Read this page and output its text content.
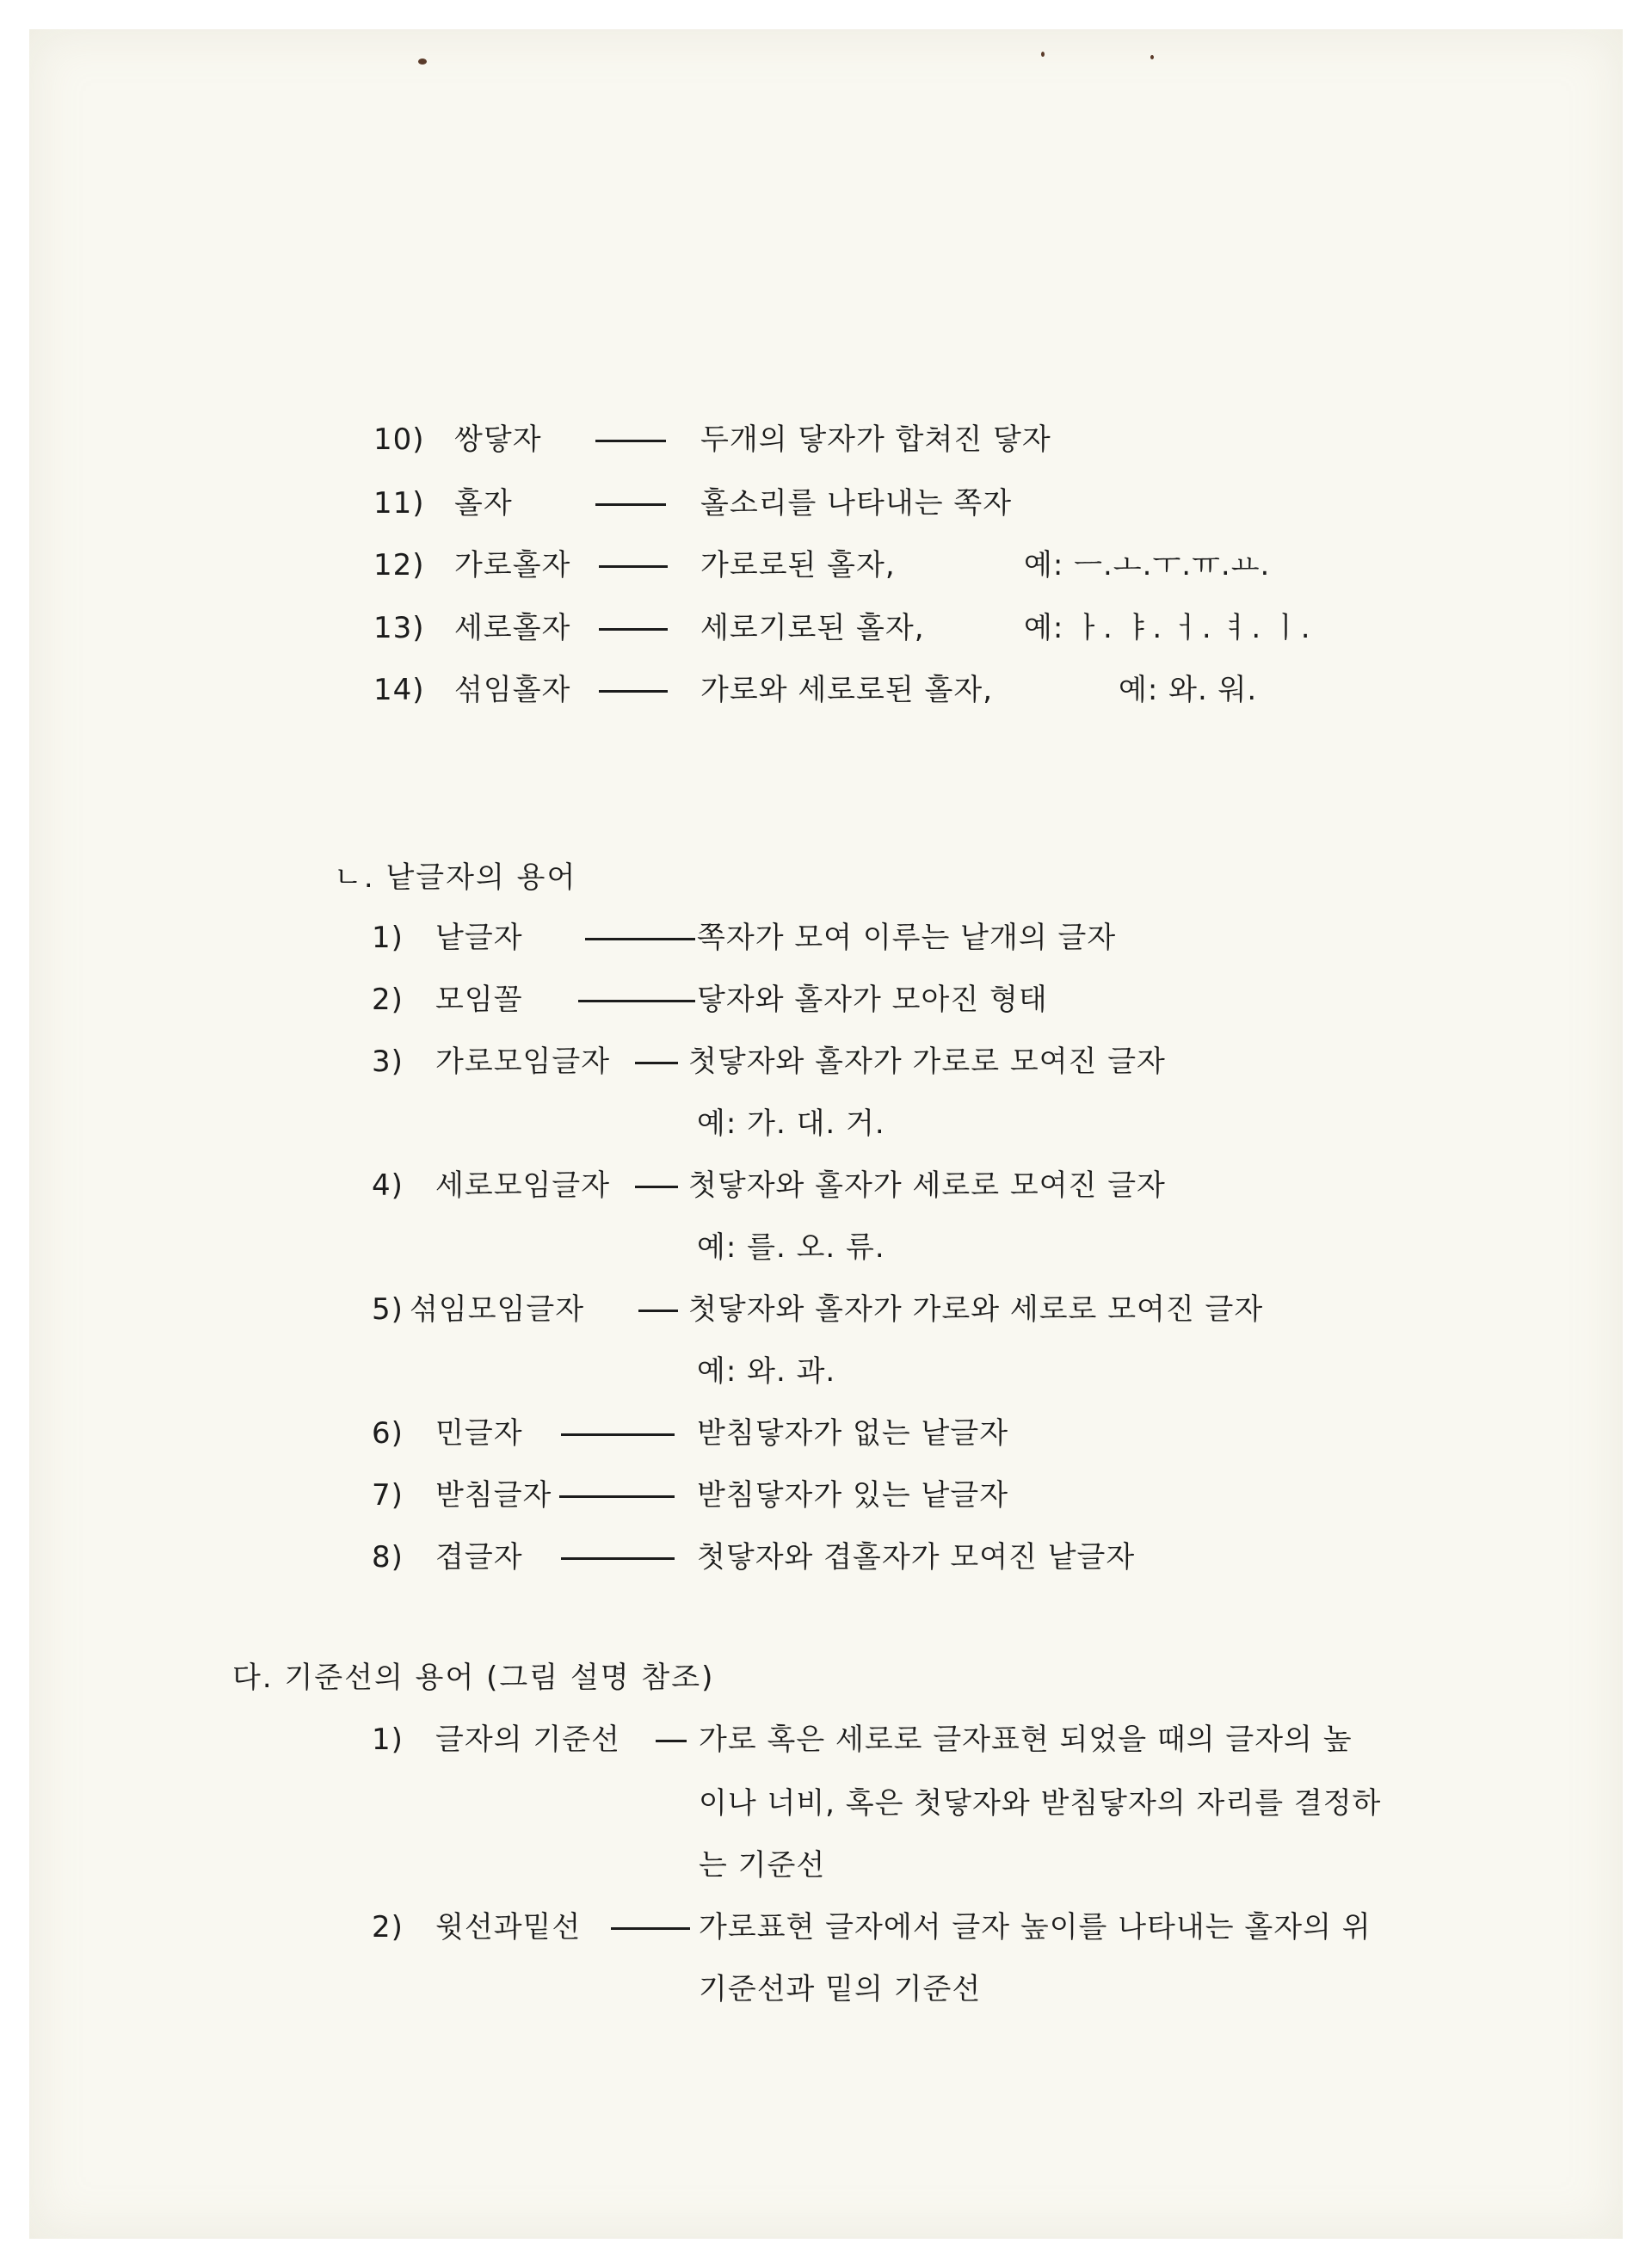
10) 쌍닿자	두개의 닿자가 합쳐진 닿자
11) 홀자	홀소리를 나타내는 쪽자
12) 가로홀자	가로로된 홀자,	예: ㅡ.ㅗ.ㅜ.ㅠ.ㅛ.
13) 세로홀자	세로기로된 홀자,	예: ㅏ. ㅑ. ㅓ. ㅕ. ㅣ.
14) 섞임홀자	가로와 세로로된 홀자,	예: 와. 워.
ㄴ. 낱글자의 용어
1) 낱글자	쪽자가 모여 이루는 낱개의 글자
2) 모임꼴	닿자와 홀자가 모아진 형태
3) 가로모임글자	첫닿자와 홀자가 가로로 모여진 글자
예: 가. 대. 거.
4) 세로모임글자	첫닿자와 홀자가 세로로 모여진 글자
예: 를. 오. 류.
5) 섞임모임글자	첫닿자와 홀자가 가로와 세로로 모여진 글자
예: 와. 과.
6) 민글자	받침닿자가 없는 낱글자
7) 받침글자	받침닿자가 있는 낱글자
8) 겹글자	첫닿자와 겹홀자가 모여진 낱글자
다. 기준선의 용어 (그림 설명 참조)
1) 글자의 기준선	가로 혹은 세로로 글자표현 되었을 때의 글자의 높
이나 너비, 혹은 첫닿자와 받침닿자의 자리를 결정하
는 기준선
2) 윗선과밑선	가로표현 글자에서 글자 높이를 나타내는 홀자의 위
기준선과 밑의 기준선
